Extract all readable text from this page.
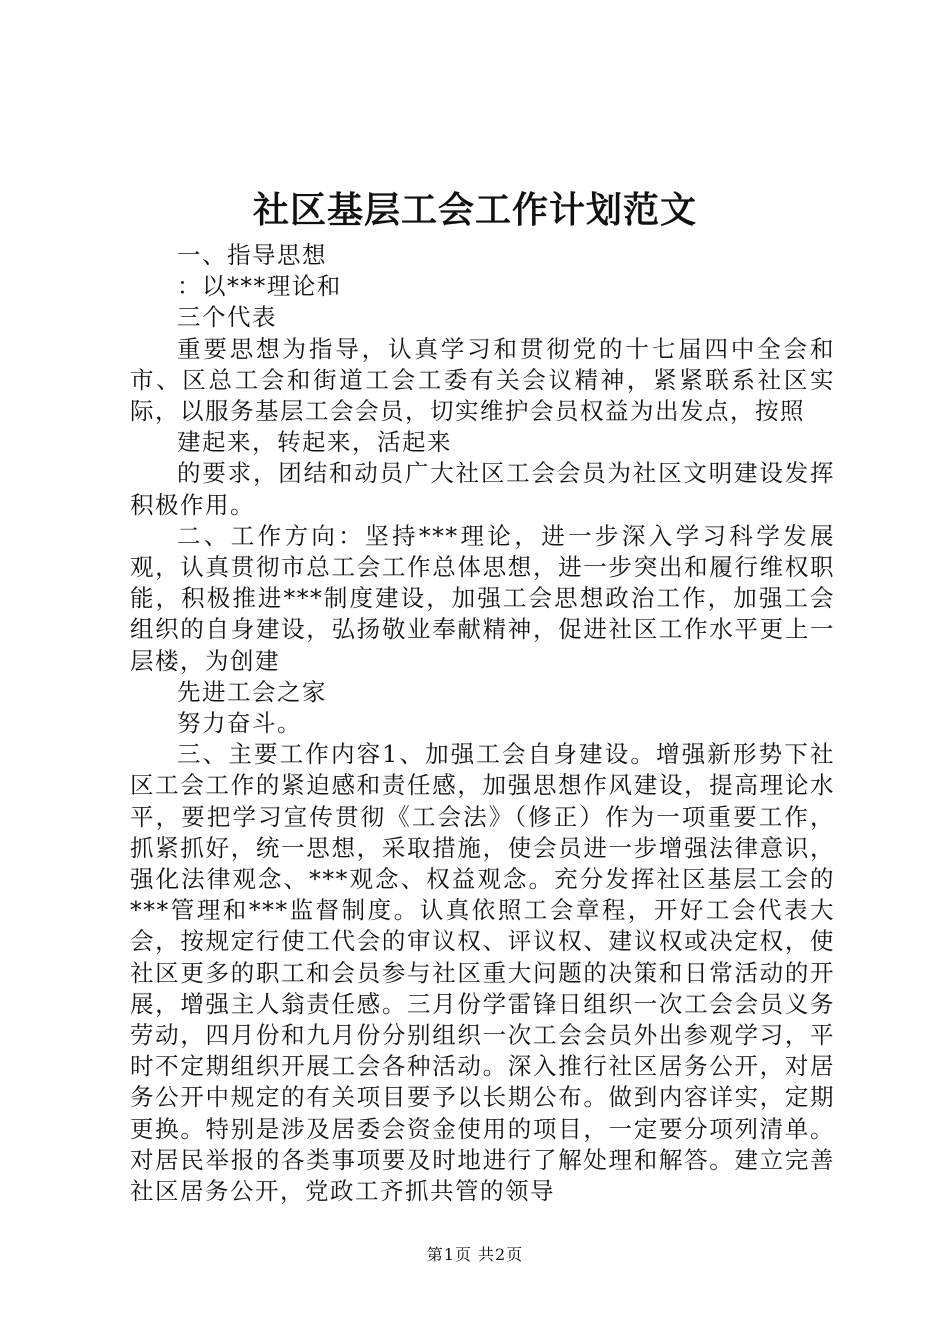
社区基层工会工作计划范文

一、指导思想

：以***理论和

三个代表

重要思想为指导，认真学习和贯彻党的十七届四中全会和市、区总工会和街道工会工委有关会议精神，紧紧联系社区实际，以服务基层工会会员，切实维护会员权益为出发点，按照

建起来，转起来，活起来

的要求，团结和动员广大社区工会会员为社区文明建设发挥积极作用。

二、工作方向：坚持***理论，进一步深入学习科学发展观，认真贯彻市总工会工作总体思想，进一步突出和履行维权职能，积极推进***制度建设，加强工会思想政治工作，加强工会组织的自身建设，弘扬敬业奉献精神，促进社区工作水平更上一层楼，为创建

先进工会之家

努力奋斗。

三、主要工作内容1、加强工会自身建设。增强新形势下社区工会工作的紧迫感和责任感，加强思想作风建设，提高理论水平，要把学习宣传贯彻《工会法》（修正）作为一项重要工作，抓紧抓好，统一思想，采取措施，使会员进一步增强法律意识，强化法律观念、***观念、权益观念。充分发挥社区基层工会的***管理和***监督制度。认真依照工会章程，开好工会代表大会，按规定行使工代会的审议权、评议权、建议权或决定权，使社区更多的职工和会员参与社区重大问题的决策和日常活动的开展，增强主人翁责任感。三月份学雷锋日组织一次工会会员义务劳动，四月份和九月份分别组织一次工会会员外出参观学习，平时不定期组织开展工会各种活动。深入推行社区居务公开，对居务公开中规定的有关项目要予以长期公布。做到内容详实，定期更换。特别是涉及居委会资金使用的项目，一定要分项列清单。对居民举报的各类事项要及时地进行了解处理和解答。建立完善社区居务公开，党政工齐抓共管的领导

第1页 共2页
